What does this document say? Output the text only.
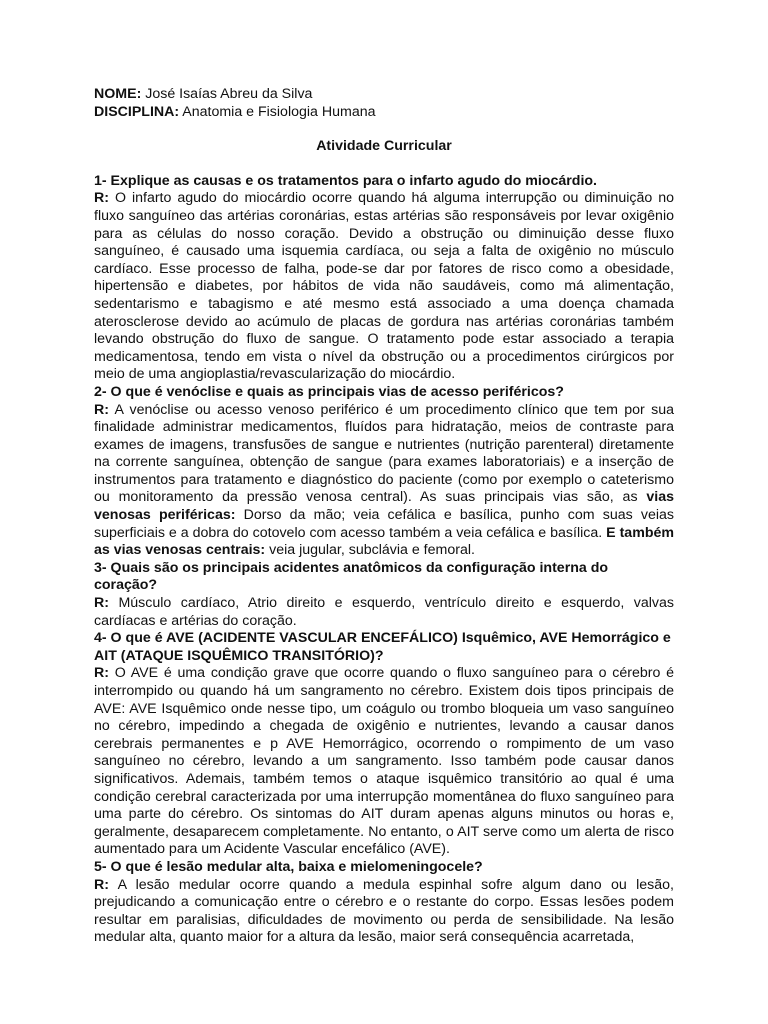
NOME: José Isaías Abreu da Silva

DISCIPLINA: Anatomia e Fisiologia Humana

Atividade Curricular

1- Explique as causas e os tratamentos para o infarto agudo do miocárdio.

R: O infarto agudo do miocárdio ocorre quando há alguma interrupção ou diminuição no fluxo sanguíneo das artérias coronárias, estas artérias são responsáveis por levar oxigênio para as células do nosso coração. Devido a obstrução ou diminuição desse fluxo sanguíneo, é causado uma isquemia cardíaca, ou seja a falta de oxigênio no músculo cardíaco. Esse processo de falha, pode-se dar por fatores de risco como a obesidade, hipertensão e diabetes, por hábitos de vida não saudáveis, como má alimentação, sedentarismo e tabagismo e até mesmo está associado a uma doença chamada aterosclerose devido ao acúmulo de placas de gordura nas artérias coronárias também levando obstrução do fluxo de sangue. O tratamento pode estar associado a terapia medicamentosa, tendo em vista o nível da obstrução ou a procedimentos cirúrgicos por meio de uma angioplastia/revascularização do miocárdio.

2- O que é venóclise e quais as principais vias de acesso periféricos?

R: A venóclise ou acesso venoso periférico é um procedimento clínico que tem por sua finalidade administrar medicamentos, fluídos para hidratação, meios de contraste para exames de imagens, transfusões de sangue e nutrientes (nutrição parenteral) diretamente na corrente sanguínea, obtenção de sangue (para exames laboratoriais) e a inserção de instrumentos para tratamento e diagnóstico do paciente (como por exemplo o cateterismo ou monitoramento da pressão venosa central). As suas principais vias são, as vias venosas periféricas: Dorso da mão; veia cefálica e basílica, punho com suas veias superficiais e a dobra do cotovelo com acesso também a veia cefálica e basílica. E também as vias venosas centrais: veia jugular, subclávia e femoral.

3- Quais são os principais acidentes anatômicos da configuração interna do coração?

R: Músculo cardíaco, Atrio direito e esquerdo, ventrículo direito e esquerdo, valvas cardíacas e artérias do coração.

4- O que é AVE (ACIDENTE VASCULAR ENCEFÁLICO) Isquêmico, AVE Hemorrágico e AIT (ATAQUE ISQUÊMICO TRANSITÓRIO)?

R: O AVE é uma condição grave que ocorre quando o fluxo sanguíneo para o cérebro é interrompido ou quando há um sangramento no cérebro. Existem dois tipos principais de AVE: AVE Isquêmico onde nesse tipo, um coágulo ou trombo bloqueia um vaso sanguíneo no cérebro, impedindo a chegada de oxigênio e nutrientes, levando a causar danos cerebrais permanentes e p AVE Hemorrágico, ocorrendo o rompimento de um vaso sanguíneo no cérebro, levando a um sangramento. Isso também pode causar danos significativos. Ademais, também temos o ataque isquêmico transitório ao qual é uma condição cerebral caracterizada por uma interrupção momentânea do fluxo sanguíneo para uma parte do cérebro. Os sintomas do AIT duram apenas alguns minutos ou horas e, geralmente, desaparecem completamente. No entanto, o AIT serve como um alerta de risco aumentado para um Acidente Vascular encefálico (AVE).

5- O que é lesão medular alta, baixa e mielomeningocele?

R: A lesão medular ocorre quando a medula espinhal sofre algum dano ou lesão, prejudicando a comunicação entre o cérebro e o restante do corpo. Essas lesões podem resultar em paralisias, dificuldades de movimento ou perda de sensibilidade. Na lesão medular alta, quanto maior for a altura da lesão, maior será consequência acarretada,
